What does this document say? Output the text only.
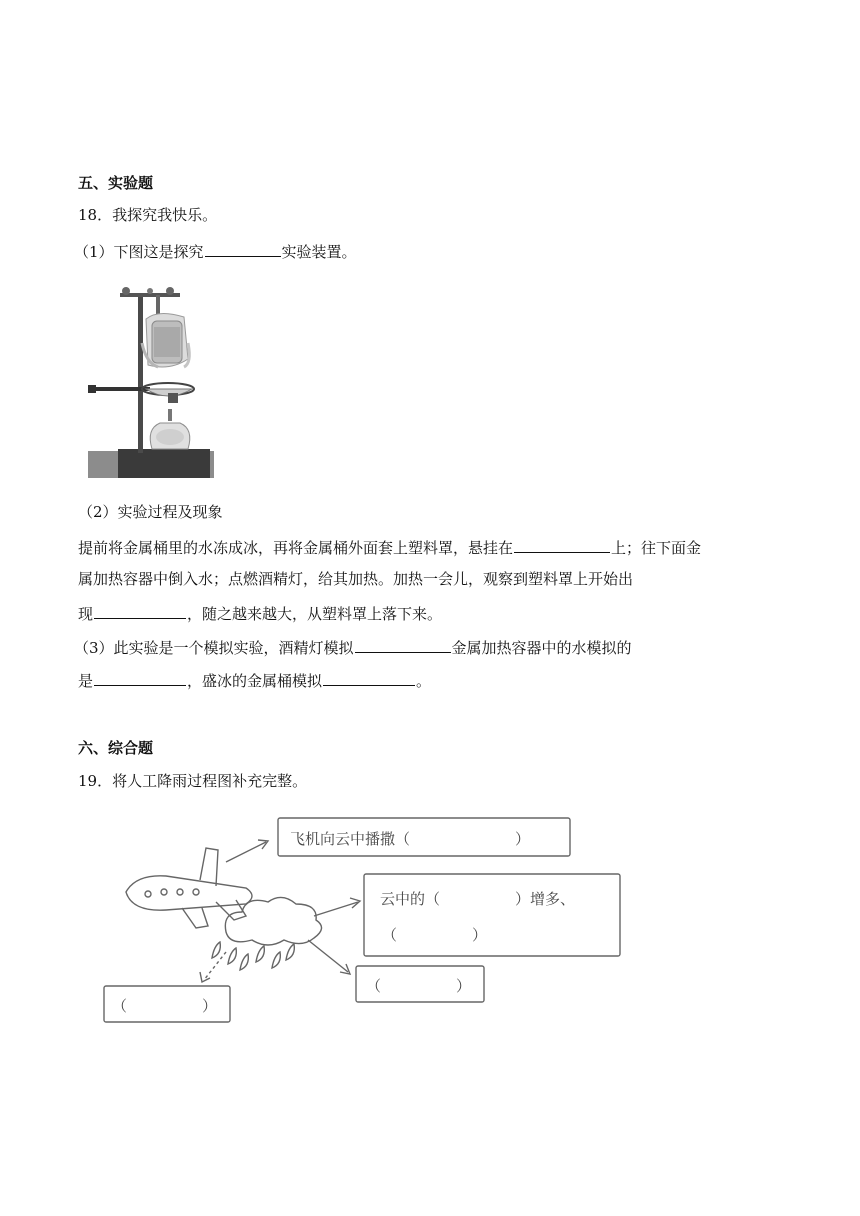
五、实验题
18．我探究我快乐。
（1）下图这是探究	实验装置。
（2）实验过程及现象
提前将金属桶里的水冻成冰，再将金属桶外面套上塑料罩，悬挂在	上；往下面金
属加热容器中倒入水；点燃酒精灯，给其加热。加热一会儿，观察到塑料罩上开始出
现	，随之越来越大，从塑料罩上落下来。
（3）此实验是一个模拟实验，酒精灯模拟	金属加热容器中的水模拟的
是	，盛冰的金属桶模拟	。
六、综合题
19．将人工降雨过程图补充完整。
飞机向云中播撒（　　　　　　　）
云中的（　　　　　）增多、
（　　　　　）
（　　　　　）
（　　　　　）
